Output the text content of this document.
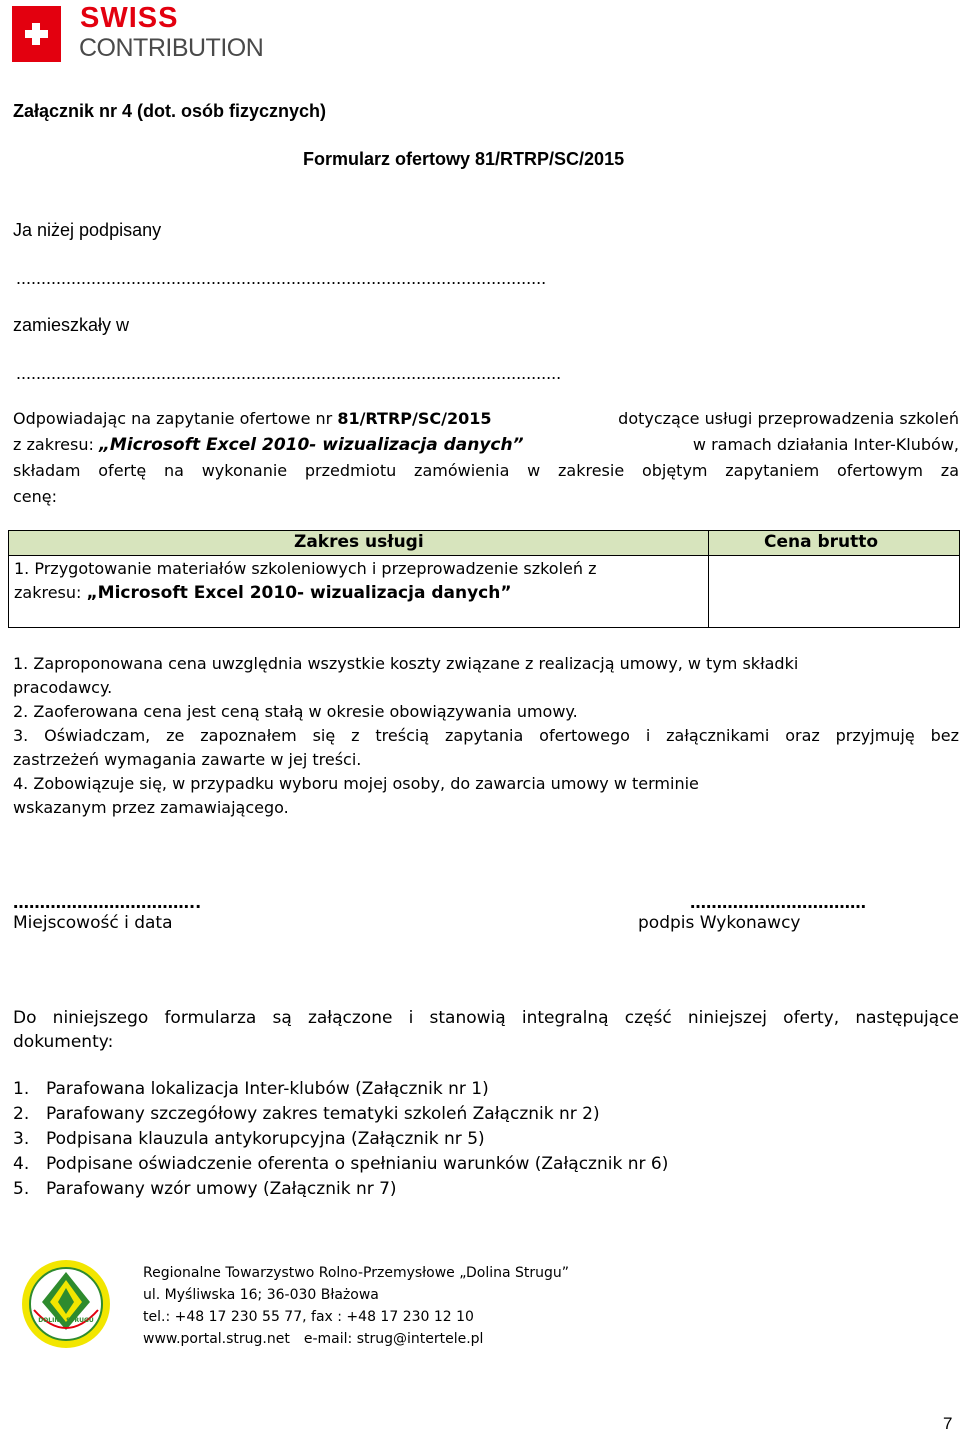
SWISS
CONTRIBUTION
Załącznik nr 4 (dot. osób fizycznych)
Formularz ofertowy 81/RTRP/SC/2015
Ja niżej podpisany
..........................................................................................................
zamieszkały w
.............................................................................................................
Odpowiadając na zapytanie ofertowe nr 81/RTRP/SC/2015	dotyczące usługi przeprowadzenia szkoleń
z zakresu: „Microsoft Excel 2010- wizualizacja danych”	w ramach działania Inter-Klubów,
składam ofertę na wykonanie przedmiotu zamówienia w zakresie objętym zapytaniem ofertowym za
cenę:
Zakres usługi	Cena brutto
1. Przygotowanie materiałów szkoleniowych i przeprowadzenie szkoleń z
zakresu: „Microsoft Excel 2010- wizualizacja danych”
1. Zaproponowana cena uwzględnia wszystkie koszty związane z realizacją umowy, w tym składki
pracodawcy.
2. Zaoferowana cena jest ceną stałą w okresie obowiązywania umowy.
3. Oświadczam, ze zapoznałem się z treścią zapytania ofertowego i załącznikami oraz przyjmuję bez
zastrzeżeń wymagania zawarte w jej treści.
4. Zobowiązuje się, w przypadku wyboru mojej osoby, do zawarcia umowy w terminie
wskazanym przez zamawiającego.
……………………………..
Miejscowość i data
……………………………
podpis Wykonawcy
Do niniejszego formularza są załączone i stanowią integralną część niniejszej oferty, następujące
dokumenty:
1. Parafowana lokalizacja Inter-klubów (Załącznik nr 1)
2. Parafowany szczegółowy zakres tematyki szkoleń Załącznik nr 2)
3. Podpisana klauzula antykorupcyjna (Załącznik nr 5)
4. Podpisane oświadczenie oferenta o spełnianiu warunków (Załącznik nr 6)
5. Parafowany wzór umowy (Załącznik nr 7)
DOLINA STRUGU
Regionalne Towarzystwo Rolno-Przemysłowe „Dolina Strugu”
ul. Myśliwska 16; 36-030 Błażowa
tel.: +48 17 230 55 77, fax : +48 17 230 12 10
www.portal.strug.net e-mail: strug@intertele.pl
7
